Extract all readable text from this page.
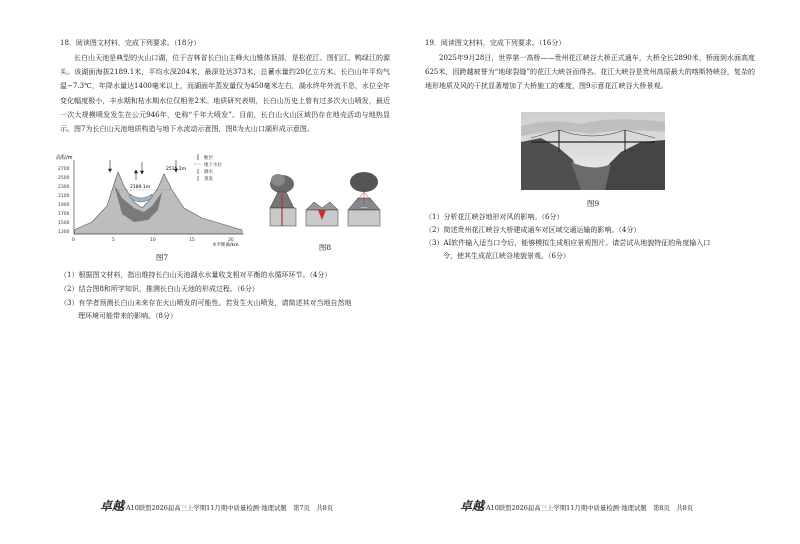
18．阅读图文材料，完成下列要求。（18分）
长白山天池是典型的火山口湖，位于吉林省长白山主峰火山锥体顶部，是松花江、图们江、鸭绿江的源头。该湖面海拔2189.1米，平均水深204米，最深处达373米，总蓄水量约20亿立方米。长白山年平均气温−7.3℃，年降水量达1400毫米以上，而湖面年蒸发量仅为450毫米左右，湖水终年外流不息，水位全年变化幅度极小，丰水期和枯水期水位仅相差2米。地质研究表明，长白山历史上曾有过多次火山喷发，最近一次大规模喷发发生在公元946年，史称“千年大喷发”。目前，长白山火山区域仍存在地壳活动与地热显示。图7为长白山天池地质构造与地下水流动示意图，图8为火山口湖形成示意图。
高程/m
2700
2500
2300
2100
1900
1700
1500
1300
0	5	10	15	20
水平距离/km
2515.2m
2189.1m
断层
地下水位
降水
蒸发
图7
图8
（1）根据图文材料，指出维持长白山天池湖水水量收支相对平衡的水循环环节。（4分）
（2）结合图8和所学知识，推测长白山天池的形成过程。（6分）
（3）有学者预测长白山未来存在火山喷发的可能性。若发生火山喷发，请简述其对当地自然地
理环境可能带来的影响。（8分）
卓越·A10联盟2026届高三上学期11月期中质量检测·地理试题　第7页　共8页
19．阅读图文材料，完成下列要求。（16分）
2025年9月28日，世界第一高桥——贵州花江峡谷大桥正式通车，大桥全长2890米，桥面到水面高度625米，因跨越被誉为“地球裂缝”的花江大峡谷而得名。花江大峡谷是贵州高原最大的喀斯特峡谷，复杂的地形地质及风的干扰显著增加了大桥施工的难度，图9示意花江峡谷大桥景观。
图9
（1）分析花江峡谷地形对风的影响。（6分）
（2）简述贵州花江峡谷大桥建成通车对区域交通运输的影响。（4分）
（3）AI软件输入适当口令后，能够模拟生成相应景观图片。请尝试从地貌特征的角度输入口
令，使其生成花江峡谷地貌景观。（6分）
卓越·A10联盟2026届高三上学期11月期中质量检测·地理试题　第8页　共8页
